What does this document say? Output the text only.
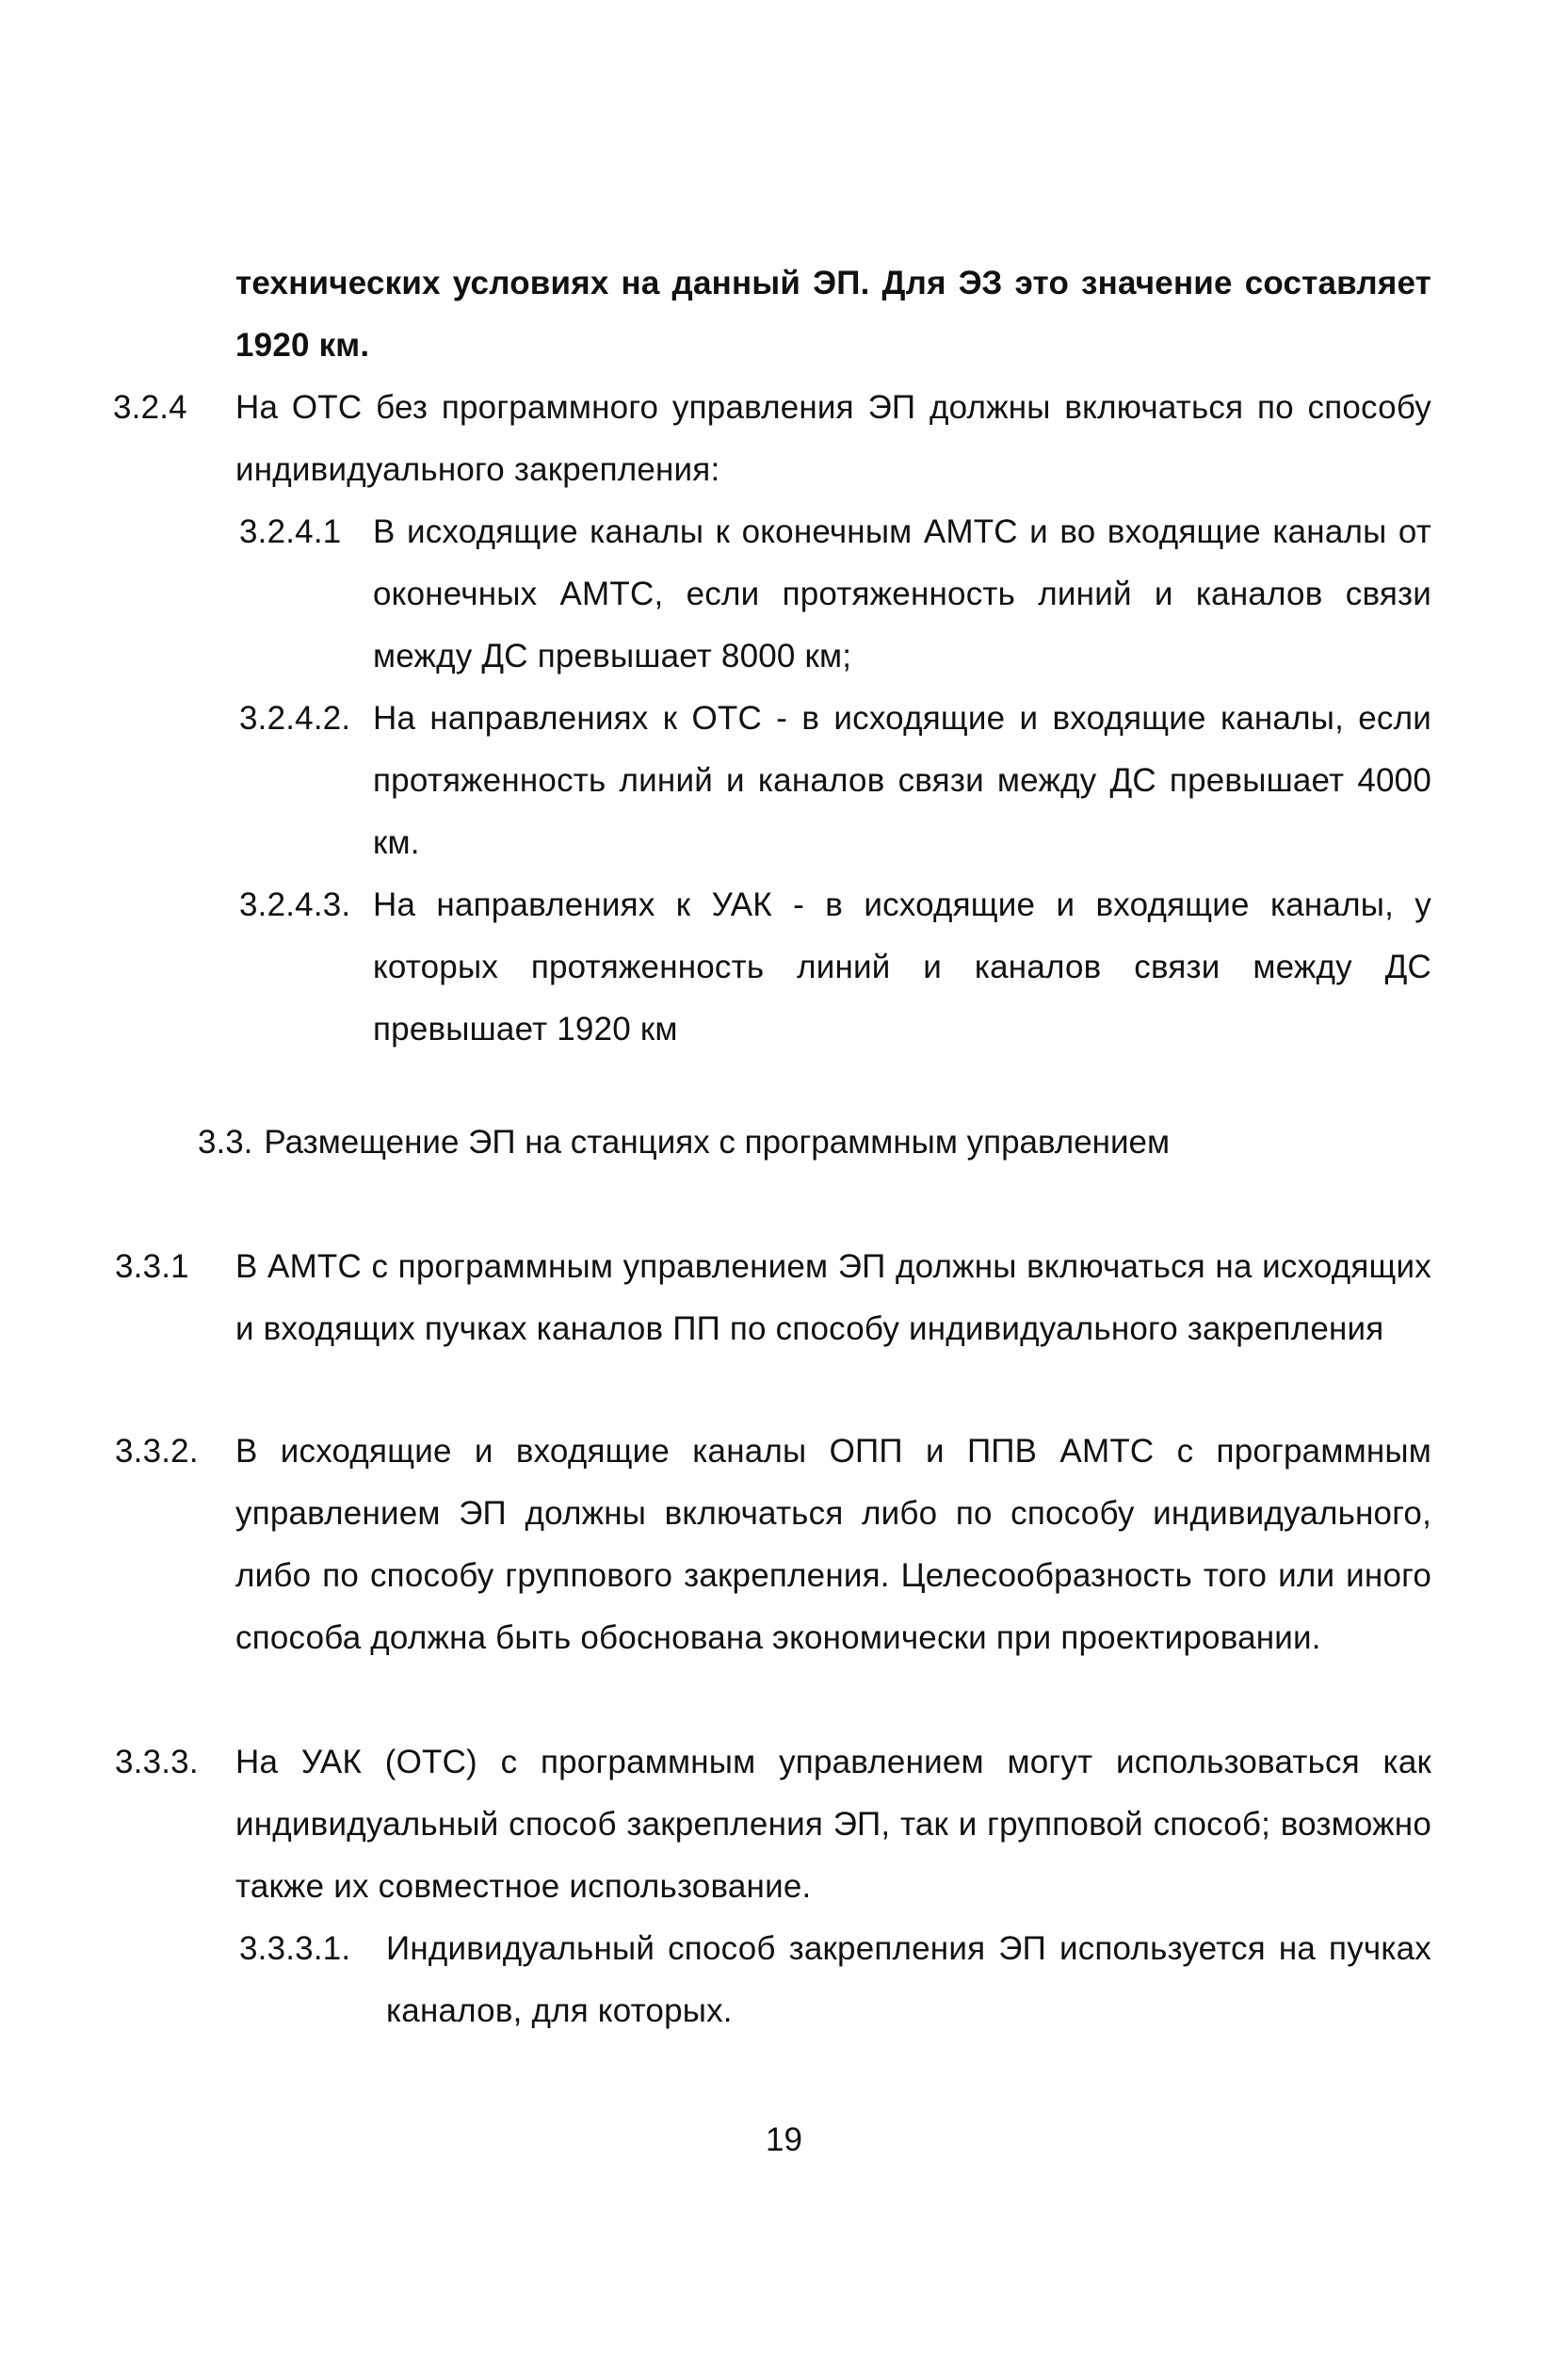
технических условиях на данный ЭП. Для ЭЗ это значение составляет 1920 км.
3.2.4 На ОТС без программного управления ЭП должны включаться по способу индивидуального закрепления:
3.2.4.1 В исходящие каналы к оконечным АМТС и во входящие каналы от оконечных АМТС, если протяженность линий и каналов связи между ДС превышает 8000 км;
3.2.4.2. На направлениях к ОТС - в исходящие и входящие каналы, если протяженность линий и каналов связи между ДС превышает 4000 км.
3.2.4.3. На направлениях к УАК - в исходящие и входящие каналы, у которых протяженность линий и каналов связи между ДС превышает 1920 км
3.3. Размещение ЭП на станциях с программным управлением
3.3.1 В АМТС с программным управлением ЭП должны включаться на исходящих и входящих пучках каналов ПП по способу индивидуального закрепления
3.3.2. В исходящие и входящие каналы ОПП и ППВ АМТС с программным управлением ЭП должны включаться либо по способу индивидуального, либо по способу группового закрепления. Целесообразность того или иного способа должна быть обоснована экономически при проектировании.
3.3.3. На УАК (ОТС) с программным управлением могут использоваться как индивидуальный способ закрепления ЭП, так и групповой способ; возможно также их совместное использование.
3.3.3.1. Индивидуальный способ закрепления ЭП используется на пучках каналов, для которых.
19
